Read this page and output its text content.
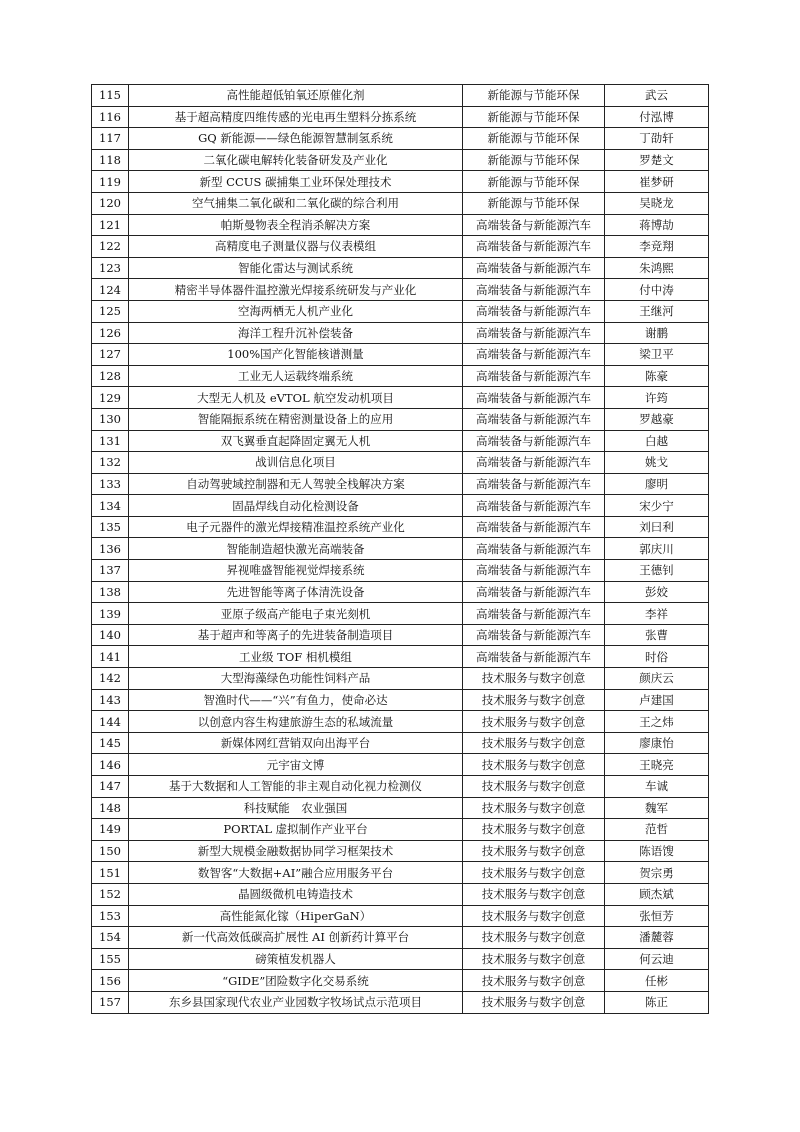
115	高性能超低铂氧还原催化剂	新能源与节能环保	武云
116	基于超高精度四维传感的光电再生塑料分拣系统	新能源与节能环保	付泓博
117	GQ 新能源——绿色能源智慧制氢系统	新能源与节能环保	丁劭轩
118	二氧化碳电解转化装备研发及产业化	新能源与节能环保	罗楚文
119	新型 CCUS 碳捕集工业环保处理技术	新能源与节能环保	崔梦研
120	空气捕集二氧化碳和二氧化碳的综合利用	新能源与节能环保	吴晓龙
121	帕斯曼物表全程消杀解决方案	高端装备与新能源汽车	蒋博劼
122	高精度电子测量仪器与仪表模组	高端装备与新能源汽车	李竞翔
123	智能化雷达与测试系统	高端装备与新能源汽车	朱鸿熙
124	精密半导体器件温控激光焊接系统研发与产业化	高端装备与新能源汽车	付中涛
125	空海两栖无人机产业化	高端装备与新能源汽车	王继河
126	海洋工程升沉补偿装备	高端装备与新能源汽车	谢鹏
127	100%国产化智能核谱测量	高端装备与新能源汽车	梁卫平
128	工业无人运载终端系统	高端装备与新能源汽车	陈豪
129	大型无人机及 eVTOL 航空发动机项目	高端装备与新能源汽车	许筠
130	智能隔振系统在精密测量设备上的应用	高端装备与新能源汽车	罗越豪
131	双飞翼垂直起降固定翼无人机	高端装备与新能源汽车	白越
132	战训信息化项目	高端装备与新能源汽车	姚戈
133	自动驾驶域控制器和无人驾驶全栈解决方案	高端装备与新能源汽车	廖明
134	固晶焊线自动化检测设备	高端装备与新能源汽车	宋少宁
135	电子元器件的激光焊接精准温控系统产业化	高端装备与新能源汽车	刘曰利
136	智能制造超快激光高端装备	高端装备与新能源汽车	郭庆川
137	昇视唯盛智能视觉焊接系统	高端装备与新能源汽车	王德钊
138	先进智能等离子体清洗设备	高端装备与新能源汽车	彭姣
139	亚原子级高产能电子束光刻机	高端装备与新能源汽车	李祥
140	基于超声和等离子的先进装备制造项目	高端装备与新能源汽车	张曹
141	工业级 TOF 相机模组	高端装备与新能源汽车	时俗
142	大型海藻绿色功能性饲料产品	技术服务与数字创意	颜庆云
143	智渔时代——“兴”有鱼力，使命必达	技术服务与数字创意	卢建国
144	以创意内容生构建旅游生态的私域流量	技术服务与数字创意	王之炜
145	新媒体网红营销双向出海平台	技术服务与数字创意	廖康怡
146	元宇宙文博	技术服务与数字创意	王晓亮
147	基于大数据和人工智能的非主观自动化视力检测仪	技术服务与数字创意	车诚
148	科技赋能　农业强国	技术服务与数字创意	魏军
149	PORTAL 虚拟制作产业平台	技术服务与数字创意	范哲
150	新型大规模金融数据协同学习框架技术	技术服务与数字创意	陈语馊
151	数智客“大数据+AI”融合应用服务平台	技术服务与数字创意	贺宗勇
152	晶圆级微机电铸造技术	技术服务与数字创意	顾杰斌
153	高性能氮化镓（HiperGaN）	技术服务与数字创意	张恒芳
154	新一代高效低碳高扩展性 AI 创新药计算平台	技术服务与数字创意	潘麓蓉
155	磅策植发机器人	技术服务与数字创意	何云迪
156	“GIDE”团险数字化交易系统	技术服务与数字创意	任彬
157	东乡县国家现代农业产业园数字牧场试点示范项目	技术服务与数字创意	陈正
